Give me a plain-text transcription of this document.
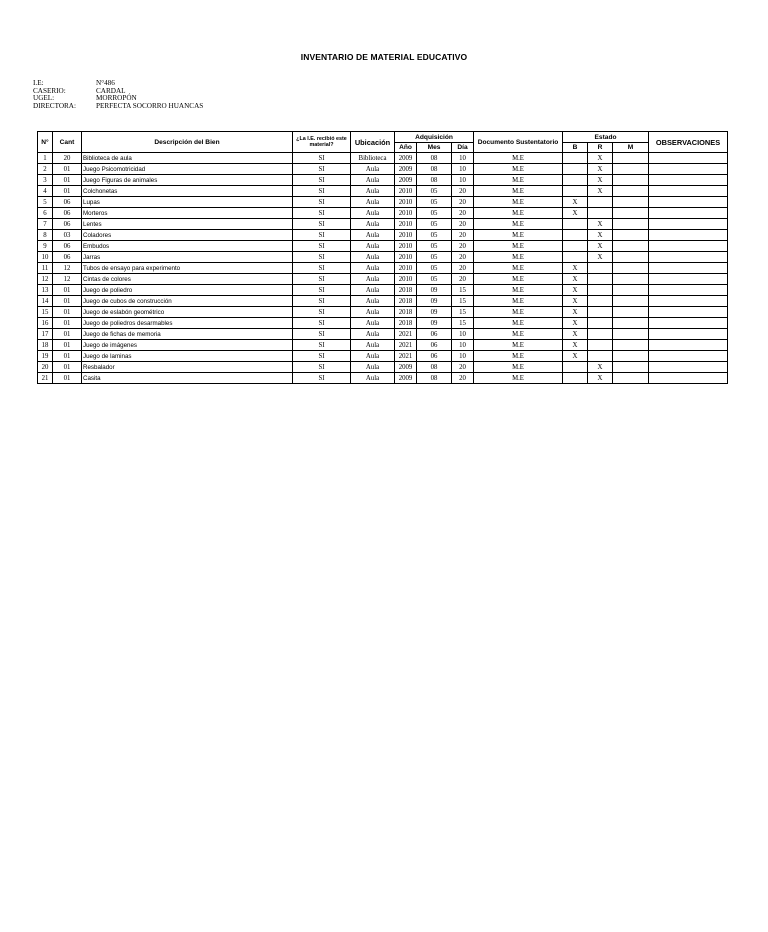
INVENTARIO DE MATERIAL EDUCATIVO
I.E:	N°486
CASERIO:	CARDAL
UGEL:	MORROPÓN
DIRECTORA:	PERFECTA SOCORRO HUANCAS
N°	Cant	Descripción del Bien	¿La I.E. recibió este material?	Ubicación	Adquisición			Documento Sustentatorio	Estado			OBSERVACIONES
					Año	Mes	Día		B	R	M	
1	20	Biblioteca de aula	SI	Biblioteca	2009	08	10	M.E		X		
2	01	Juego Psicomotricidad	SI	Aula	2009	08	10	M.E		X		
3	01	Juego Figuras de animales	SI	Aula	2009	08	10	M.E		X		
4	01	Colchonetas	SI	Aula	2010	05	20	M.E		X		
5	06	Lupas	SI	Aula	2010	05	20	M.E	X			
6	06	Morteros	SI	Aula	2010	05	20	M.E	X			
7	06	Lentes	SI	Aula	2010	05	20	M.E		X		
8	03	Coladores	SI	Aula	2010	05	20	M.E		X		
9	06	Embudos	SI	Aula	2010	05	20	M.E		X		
10	06	Jarras	SI	Aula	2010	05	20	M.E		X		
11	12	Tubos de ensayo para experimento	SI	Aula	2010	05	20	M.E	X			
12	12	Cintas de colores	SI	Aula	2010	05	20	M.E	X			
13	01	Juego de poliedro	SI	Aula	2018	09	15	M.E	X			
14	01	Juego de cubos de construcción	SI	Aula	2018	09	15	M.E	X			
15	01	Juego de eslabón geométrico	SI	Aula	2018	09	15	M.E	X			
16	01	Juego de poliedros desarmables	SI	Aula	2018	09	15	M.E	X			
17	01	Juego de fichas de memoria	SI	Aula	2021	06	10	M.E	X			
18	01	Juego de imágenes	SI	Aula	2021	06	10	M.E	X			
19	01	Juego de laminas	SI	Aula	2021	06	10	M.E	X			
20	01	Resbalador	SI	Aula	2009	08	20	M.E		X		
21	01	Casita	SI	Aula	2009	08	20	M.E		X		
